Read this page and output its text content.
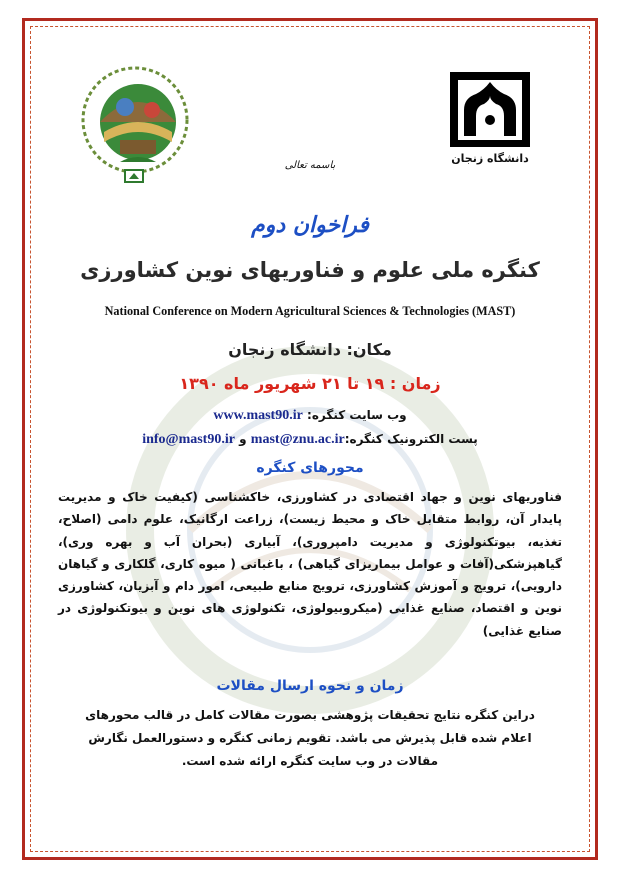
دانشگاه زنجان
باسمه تعالی
فراخوان دوم
کنگره ملی علوم و فناوریهای نوین کشاورزی
National Conference on Modern Agricultural Sciences & Technologies (MAST)
مکان: دانشگاه زنجان
زمان : ۱۹ تا ۲۱ شهریور ماه ۱۳۹۰
وب سایت کنگره: www.mast90.ir
پست الکترونیک کنگره:mast@znu.ac.ir و info@mast90.ir
محورهای کنگره
فناوریهای نوین و جهاد اقتصادی در کشاورزی، خاکشناسی (کیفیت خاک و مدیریت پایدار آن، روابط متقابل خاک و محیط زیست)، زراعت ارگانیک، علوم دامی (اصلاح، تغذیه، بیوتکنولوژی و مدیریت دامپروری)، آبیاری (بحران آب و بهره وری)، گیاهپزشکی(آفات و عوامل بیماریزای گیاهی) ، باغبانی ( میوه کاری، گلکاری و گیاهان دارویی)، ترویج و آموزش کشاورزی، ترویج منابع طبیعی، امور دام و آبزیان، کشاورزی نوین و اقتصاد، صنایع غذایی (میکروبیولوژی، تکنولوژی های نوین و بیوتکنولوژی در صنایع غذایی)
زمان و نحوه ارسال مقالات
دراین کنگره نتایج تحقیقات پژوهشی بصورت مقالات کامل در قالب محورهای اعلام شده قابل پذیرش می باشد. تقویم زمانی کنگره و دستورالعمل نگارش مقالات در وب سایت کنگره ارائه شده است.
